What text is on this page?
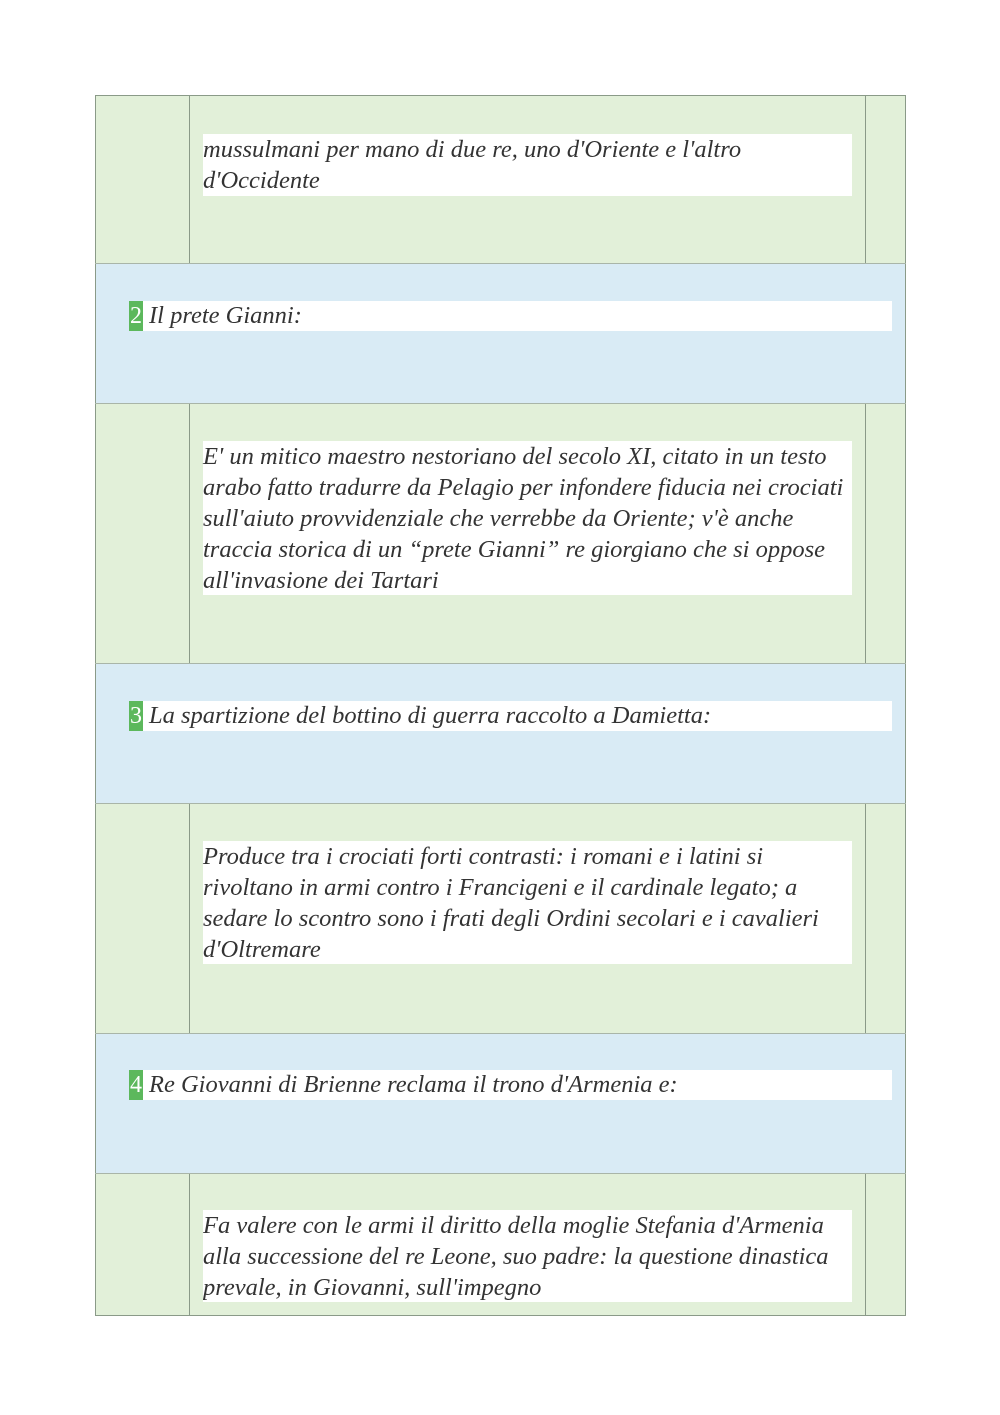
mussulmani per mano di due re, uno d'Oriente e l'altro d'Occidente
2 Il prete Gianni:
E' un mitico maestro nestoriano del secolo XI, citato in un testo arabo fatto tradurre da Pelagio per infondere fiducia nei crociati sull'aiuto provvidenziale che verrebbe da Oriente; v'è anche traccia storica di un “prete Gianni” re giorgiano che si oppose all'invasione dei Tartari
3 La spartizione del bottino di guerra raccolto a Damietta:
Produce tra i crociati forti contrasti: i romani e i latini si rivoltano in armi contro i Francigeni e il cardinale legato; a sedare lo scontro sono i frati degli Ordini secolari e i cavalieri d'Oltremare
4 Re Giovanni di Brienne reclama il trono d'Armenia e:
Fa valere con le armi il diritto della moglie Stefania d'Armenia alla successione del re Leone, suo padre: la questione dinastica prevale, in Giovanni, sull'impegno
